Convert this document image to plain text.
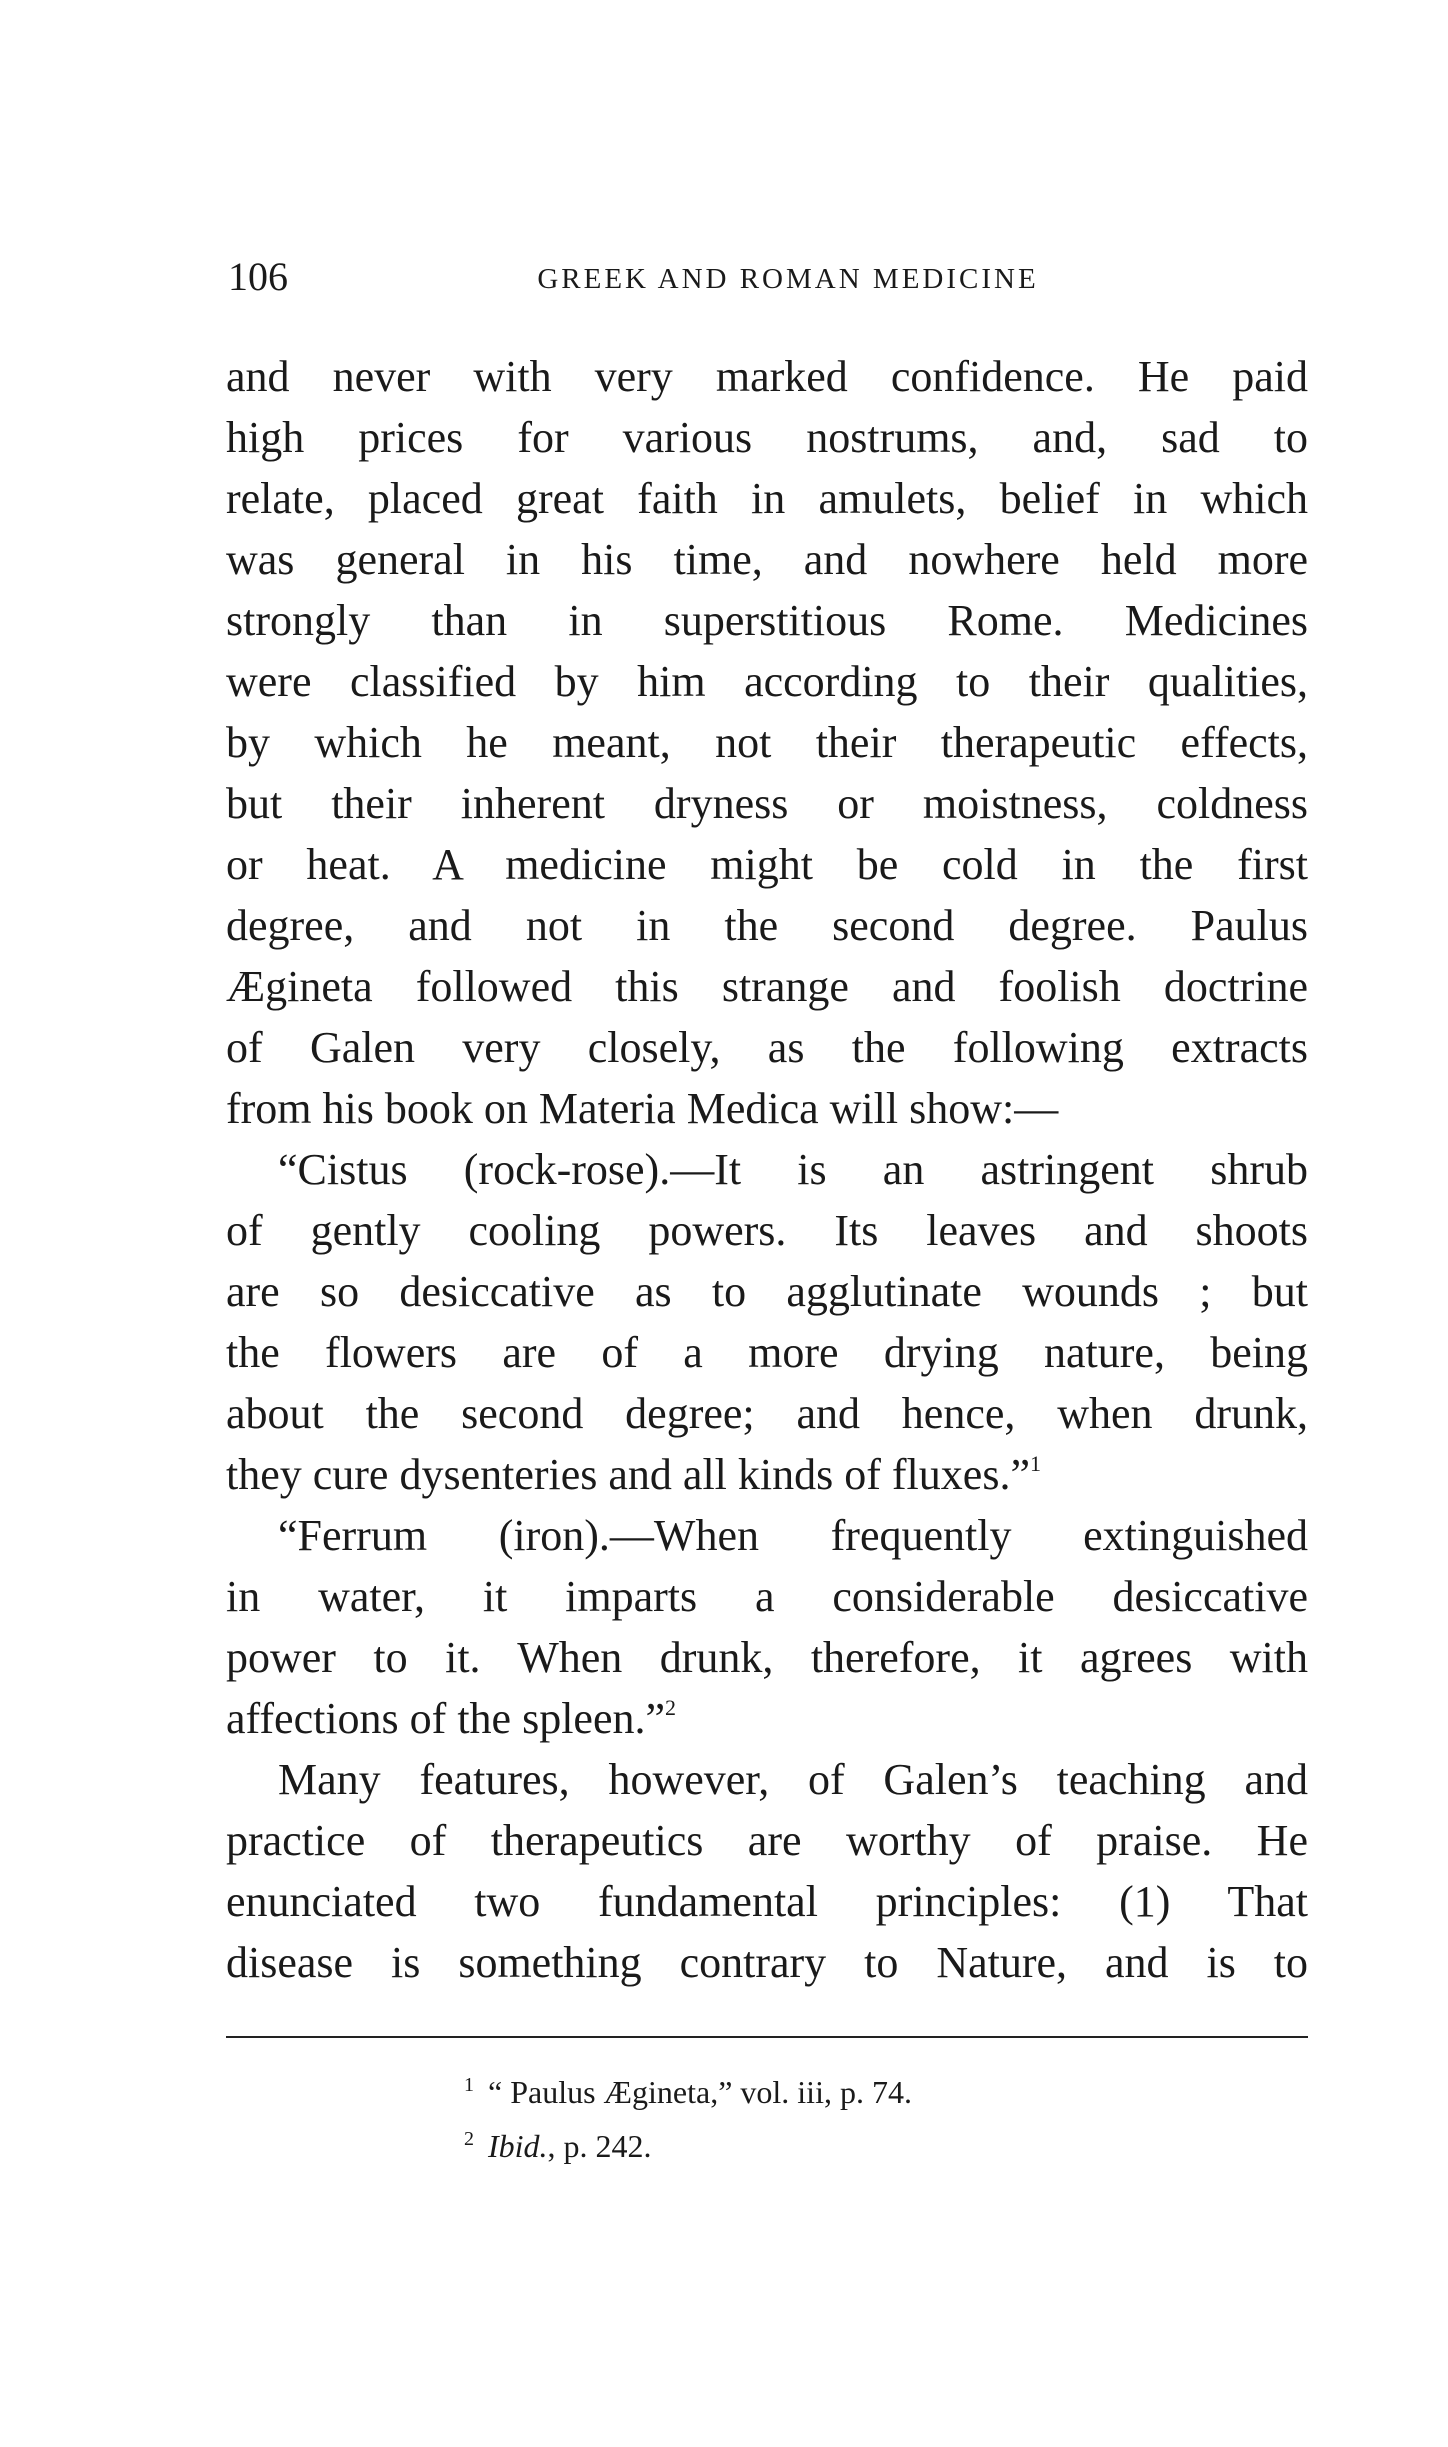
106	GREEK AND ROMAN MEDICINE
and never with very marked confidence. He paid
high prices for various nostrums, and, sad to
relate, placed great faith in amulets, belief in which
was general in his time, and nowhere held more
strongly than in superstitious Rome. Medicines
were classified by him according to their qualities,
by which he meant, not their therapeutic effects,
but their inherent dryness or moistness, coldness
or heat. A medicine might be cold in the first
degree, and not in the second degree. Paulus
Ægineta followed this strange and foolish doctrine
of Galen very closely, as the following extracts
from his book on Materia Medica will show:—
“Cistus (rock-rose).—It is an astringent shrub
of gently cooling powers. Its leaves and shoots
are so desiccative as to agglutinate wounds ; but
the flowers are of a more drying nature, being
about the second degree; and hence, when drunk,
they cure dysenteries and all kinds of fluxes.”$^1$
“Ferrum (iron).—When frequently extinguished
in water, it imparts a considerable desiccative
power to it. When drunk, therefore, it agrees with
affections of the spleen.”$^2$
Many features, however, of Galen’s teaching and
practice of therapeutics are worthy of praise. He
enunciated two fundamental principles: (1) That
disease is something contrary to Nature, and is to
$^1$ “ Paulus Ægineta,” vol. iii, p. 74.
$^2$ Ibid., p. 242.
